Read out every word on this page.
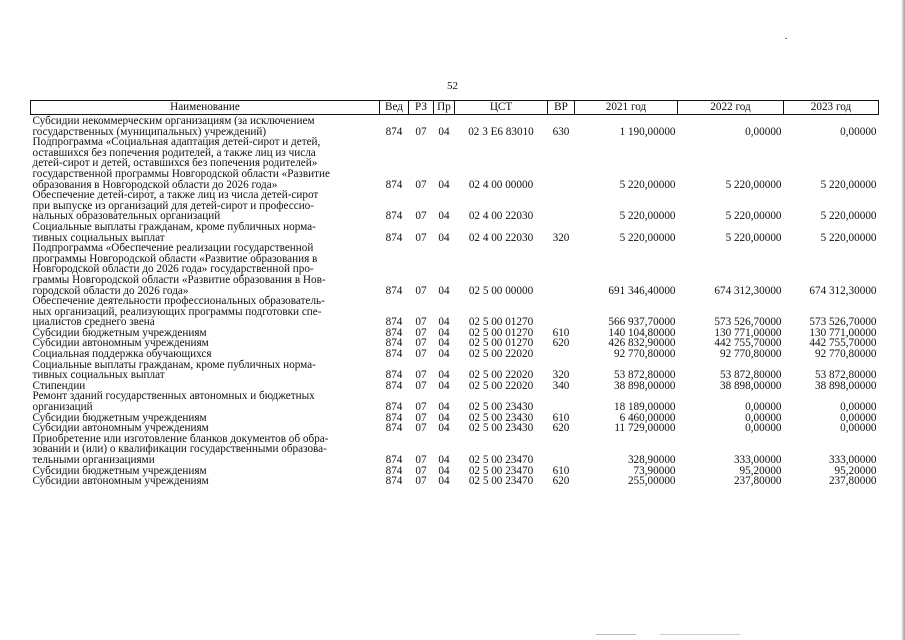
52
Наименование	Вед	РЗ	Пр	ЦСТ	ВР	2021 год	2022 год	2023 год

Субсидии некоммерческим организациям (за исключением
государственных (муниципальных) учреждений)	874	07	04	02 3 Е6 83010	630	1 190,00000	0,00000	0,00000

Подпрограмма «Социальная адаптация детей-сирот и детей,
оставшихся без попечения родителей, а также лиц из числа
детей-сирот и детей, оставшихся без попечения родителей»
государственной программы Новгородской области «Развитие
образования в Новгородской области до 2026 года»	874	07	04	02 4 00 00000		5 220,00000	5 220,00000	5 220,00000

Обеспечение детей-сирот, а также лиц из числа детей-сирот
при выпуске из организаций для детей-сирот и профессио-
нальных образовательных организаций	874	07	04	02 4 00 22030		5 220,00000	5 220,00000	5 220,00000

Социальные выплаты гражданам, кроме публичных норма-
тивных социальных выплат	874	07	04	02 4 00 22030	320	5 220,00000	5 220,00000	5 220,00000

Подпрограмма «Обеспечение реализации государственной
программы Новгородской области «Развитие образования в
Новгородской области до 2026 года» государственной про-
граммы Новгородской области «Развитие образования в Нов-
городской области до 2026 года»	874	07	04	02 5 00 00000		691 346,40000	674 312,30000	674 312,30000

Обеспечение деятельности профессиональных образователь-
ных организаций, реализующих программы подготовки спе-
циалистов среднего звена	874	07	04	02 5 00 01270		566 937,70000	573 526,70000	573 526,70000

Субсидии бюджетным учреждениям	874	07	04	02 5 00 01270	610	140 104,80000	130 771,00000	130 771,00000

Субсидии автономным учреждениям	874	07	04	02 5 00 01270	620	426 832,90000	442 755,70000	442 755,70000

Социальная поддержка обучающихся	874	07	04	02 5 00 22020		92 770,80000	92 770,80000	92 770,80000

Социальные выплаты гражданам, кроме публичных норма-
тивных социальных выплат	874	07	04	02 5 00 22020	320	53 872,80000	53 872,80000	53 872,80000

Стипендии	874	07	04	02 5 00 22020	340	38 898,00000	38 898,00000	38 898,00000

Ремонт зданий государственных автономных и бюджетных
организаций	874	07	04	02 5 00 23430		18 189,00000	0,00000	0,00000

Субсидии бюджетным учреждениям	874	07	04	02 5 00 23430	610	6 460,00000	0,00000	0,00000

Субсидии автономным учреждениям	874	07	04	02 5 00 23430	620	11 729,00000	0,00000	0,00000

Приобретение или изготовление бланков документов об обра-
зовании и (или) о квалификации государственными образова-
тельными организациями	874	07	04	02 5 00 23470		328,90000	333,00000	333,00000

Субсидии бюджетным учреждениям	874	07	04	02 5 00 23470	610	73,90000	95,20000	95,20000

Субсидии автономным учреждениям	874	07	04	02 5 00 23470	620	255,00000	237,80000	237,80000
